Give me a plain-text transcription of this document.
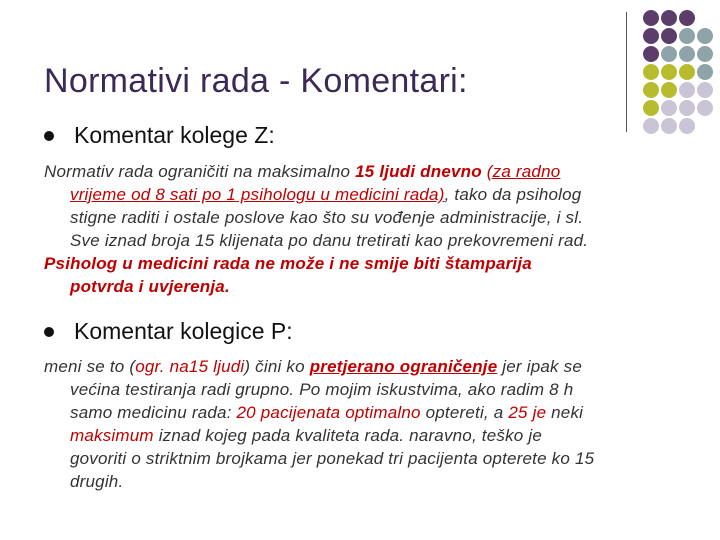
Normativi rada - Komentari:
Komentar kolege Z:
Normativ rada ograničiti na maksimalno 15 ljudi dnevno (za radno
vrijeme od 8 sati po 1 psihologu u medicini rada), tako da psiholog
stigne raditi i ostale poslove kao što su vođenje administracije, i sl.
Sve iznad broja 15 klijenata po danu tretirati kao prekovremeni rad.
Psiholog u medicini rada ne može i ne smije biti štamparija
potvrda i uvjerenja.
Komentar kolegice P:
meni se to (ogr. na15 ljudi) čini ko pretjerano ograničenje jer ipak se
većina testiranja radi grupno. Po mojim iskustvima, ako radim 8 h
samo medicinu rada: 20 pacijenata optimalno optereti, a 25 je neki
maksimum iznad kojeg pada kvaliteta rada. naravno, teško je
govoriti o striktnim brojkama jer ponekad tri pacijenta opterete ko 15
drugih.
